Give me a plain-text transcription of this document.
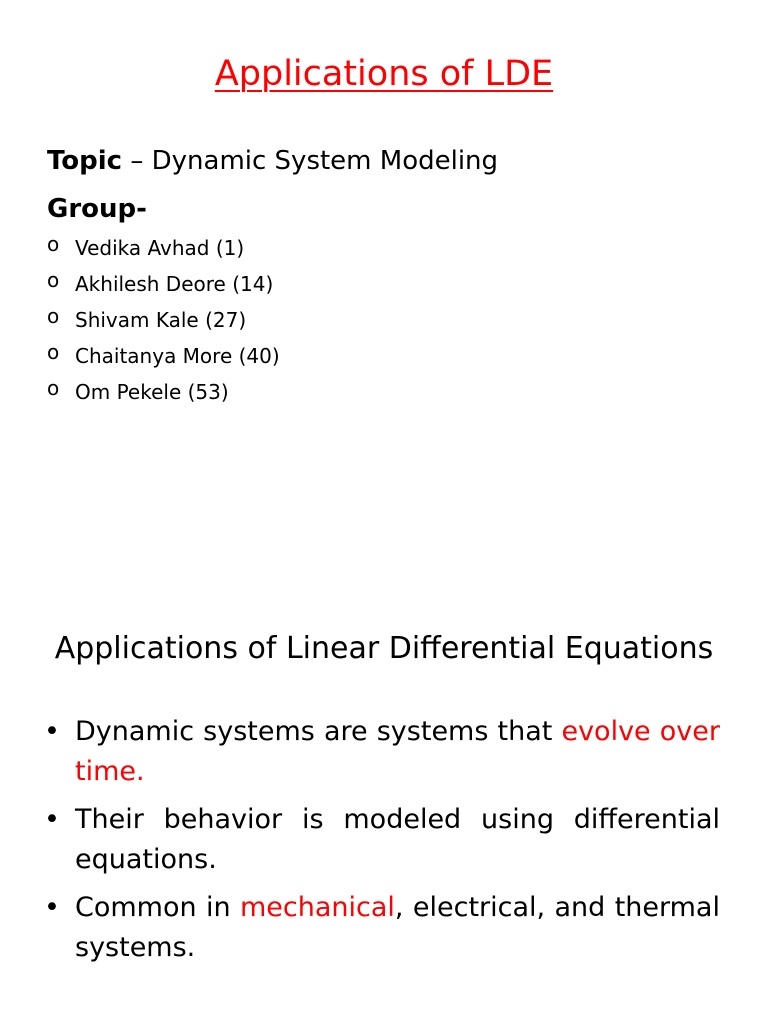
Applications of LDE
Topic – Dynamic System Modeling
Group-
o Vedika Avhad (1)
o Akhilesh Deore (14)
o Shivam Kale (27)
o Chaitanya More (40)
o Om Pekele (53)
Applications of Linear Differential Equations
• Dynamic systems are systems that evolve over time.
• Their behavior is modeled using differential equations.
• Common in mechanical, electrical, and thermal systems.
